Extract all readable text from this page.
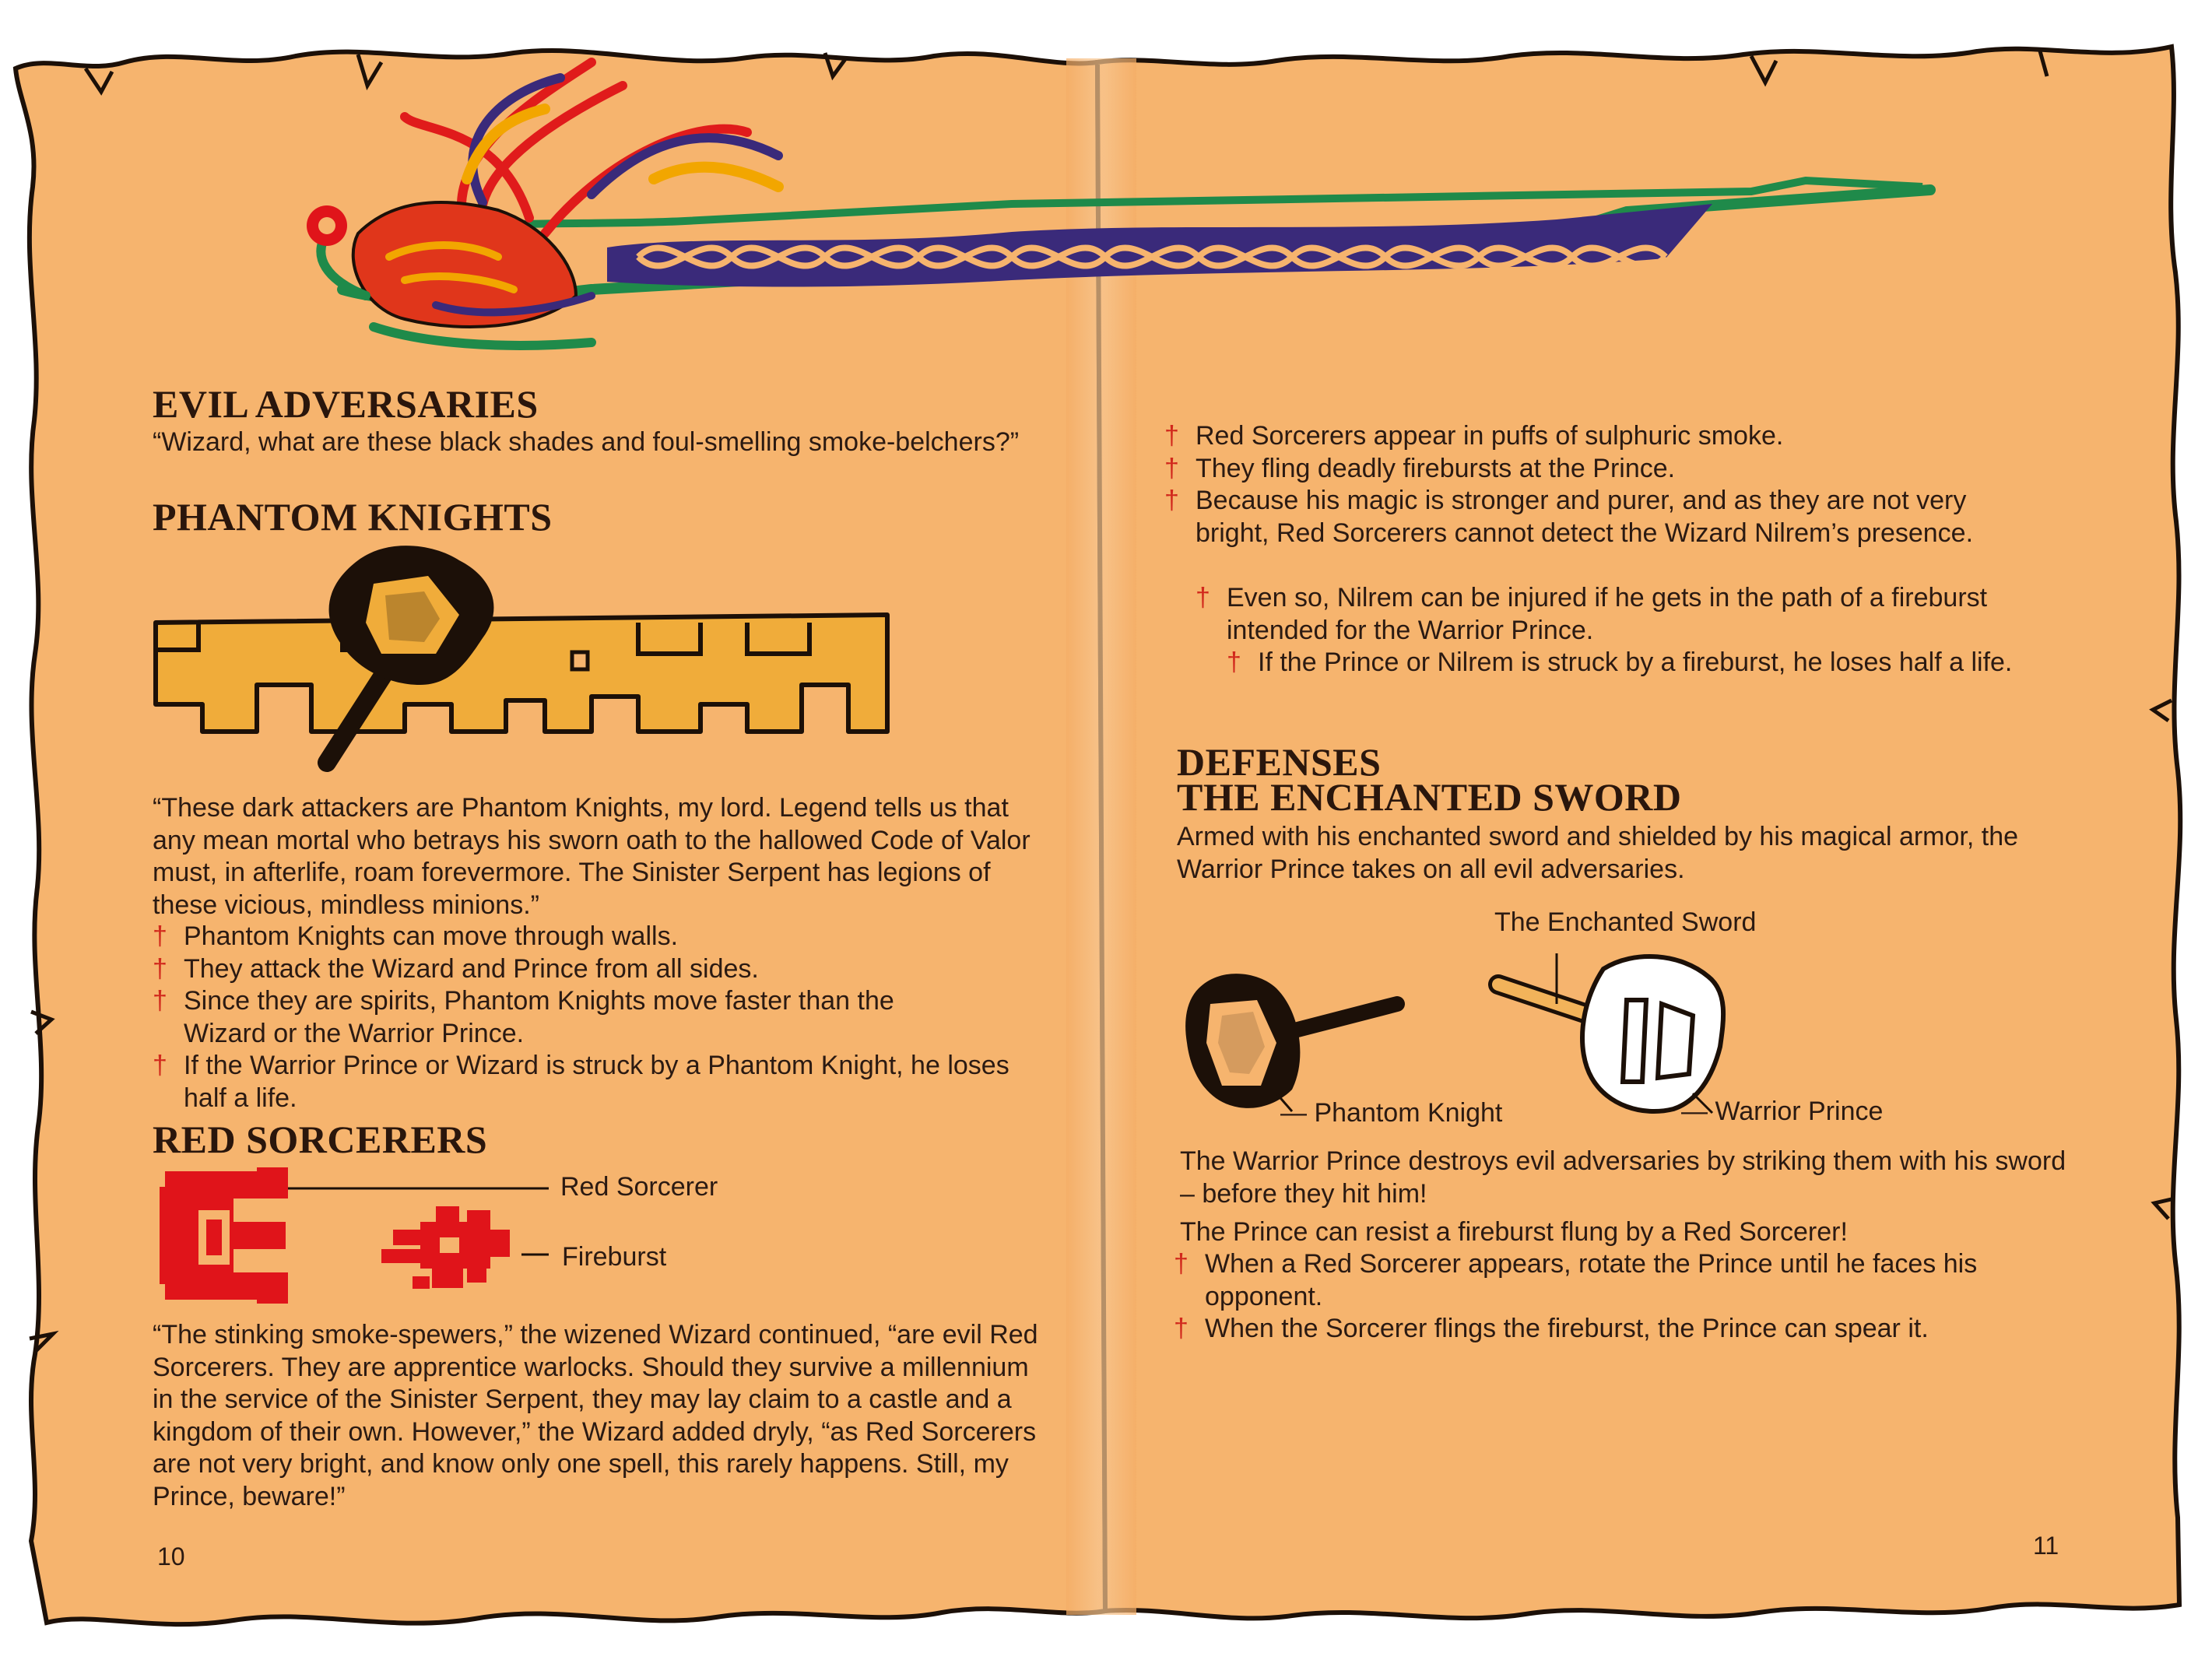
EVIL ADVERSARIES
“Wizard, what are these black shades and foul-smelling smoke-belchers?”
PHANTOM KNIGHTS
“These dark attackers are Phantom Knights, my lord. Legend tells us that any mean mortal who betrays his sworn oath to the hallowed Code of Valor must, in afterlife, roam forevermore. The Sinister Serpent has legions of these vicious, mindless minions.”
† Phantom Knights can move through walls.
† They attack the Wizard and Prince from all sides.
† Since they are spirits, Phantom Knights move faster than the Wizard or the Warrior Prince.
† If the Warrior Prince or Wizard is struck by a Phantom Knight, he loses half a life.
RED SORCERERS
Red Sorcerer
Fireburst
“The stinking smoke-spewers,” the wizened Wizard continued, “are evil Red Sorcerers. They are apprentice warlocks. Should they survive a millennium in the service of the Sinister Serpent, they may lay claim to a castle and a kingdom of their own. However,” the Wizard added dryly, “as Red Sorcerers are not very bright, and know only one spell, this rarely happens. Still, my Prince, beware!”
10
† Red Sorcerers appear in puffs of sulphuric smoke.
† They fling deadly firebursts at the Prince.
† Because his magic is stronger and purer, and as they are not very bright, Red Sorcerers cannot detect the Wizard Nilrem’s presence.
† Even so, Nilrem can be injured if he gets in the path of a fireburst intended for the Warrior Prince.
† If the Prince or Nilrem is struck by a fireburst, he loses half a life.
DEFENSES
THE ENCHANTED SWORD
Armed with his enchanted sword and shielded by his magical armor, the Warrior Prince takes on all evil adversaries.
The Enchanted Sword
— Phantom Knight	— Warrior Prince
The Warrior Prince destroys evil adversaries by striking them with his sword – before they hit him!
The Prince can resist a fireburst flung by a Red Sorcerer!
† When a Red Sorcerer appears, rotate the Prince until he faces his opponent.
† When the Sorcerer flings the fireburst, the Prince can spear it.
11
